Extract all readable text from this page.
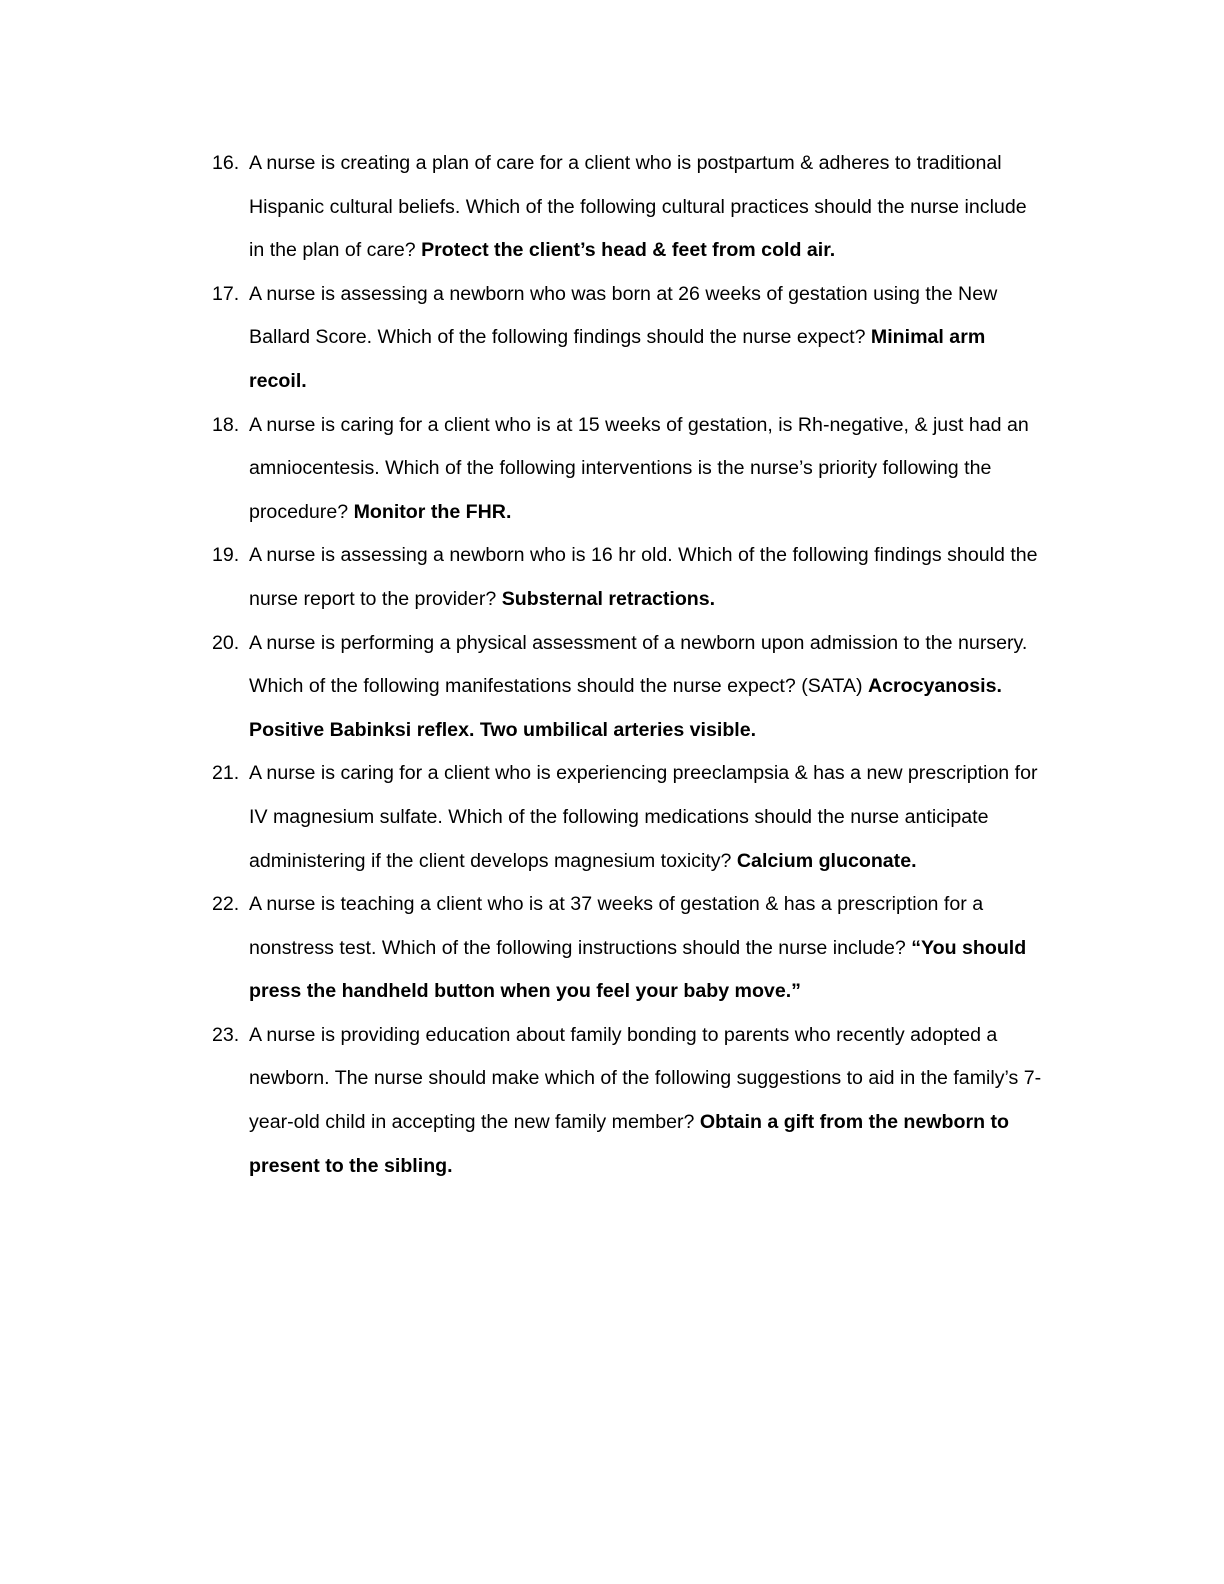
16. A nurse is creating a plan of care for a client who is postpartum & adheres to traditional Hispanic cultural beliefs. Which of the following cultural practices should the nurse include in the plan of care? Protect the client’s head & feet from cold air.
17. A nurse is assessing a newborn who was born at 26 weeks of gestation using the New Ballard Score. Which of the following findings should the nurse expect? Minimal arm recoil.
18. A nurse is caring for a client who is at 15 weeks of gestation, is Rh-negative, & just had an amniocentesis. Which of the following interventions is the nurse’s priority following the procedure? Monitor the FHR.
19. A nurse is assessing a newborn who is 16 hr old. Which of the following findings should the nurse report to the provider? Substernal retractions.
20. A nurse is performing a physical assessment of a newborn upon admission to the nursery. Which of the following manifestations should the nurse expect? (SATA) Acrocyanosis. Positive Babinksi reflex. Two umbilical arteries visible.
21. A nurse is caring for a client who is experiencing preeclampsia & has a new prescription for IV magnesium sulfate. Which of the following medications should the nurse anticipate administering if the client develops magnesium toxicity? Calcium gluconate.
22. A nurse is teaching a client who is at 37 weeks of gestation & has a prescription for a nonstress test. Which of the following instructions should the nurse include? “You should press the handheld button when you feel your baby move.”
23. A nurse is providing education about family bonding to parents who recently adopted a newborn. The nurse should make which of the following suggestions to aid in the family’s 7-year-old child in accepting the new family member? Obtain a gift from the newborn to present to the sibling.
